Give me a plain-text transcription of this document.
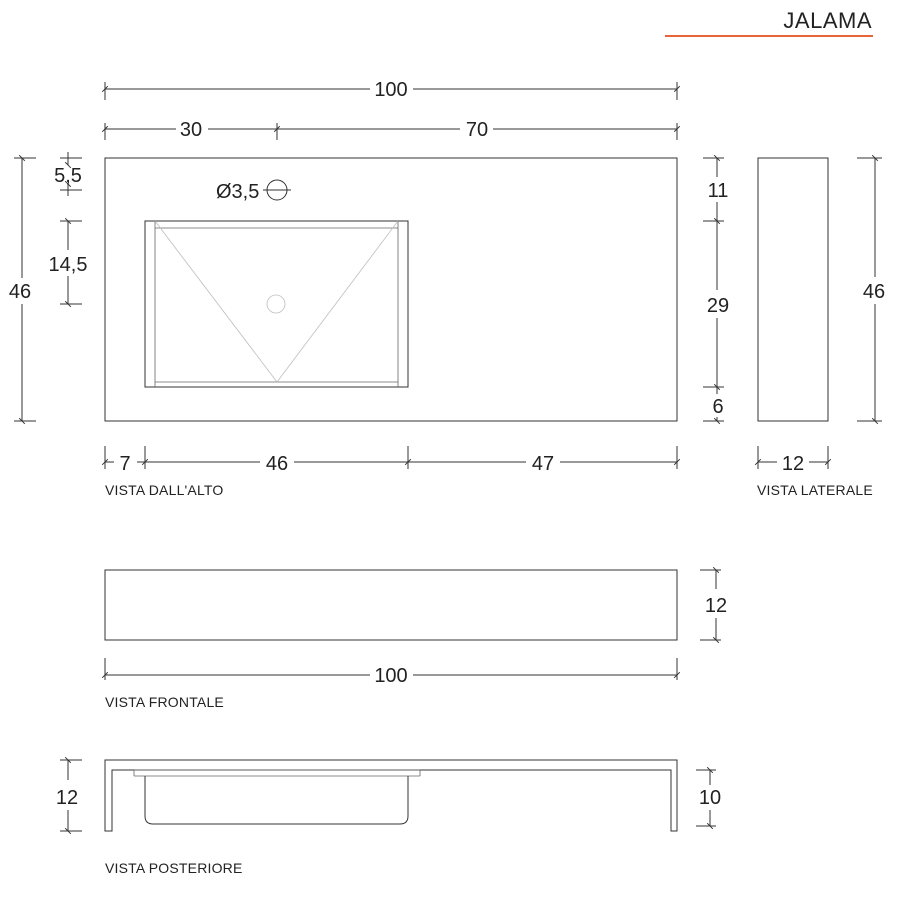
JALAMA
Ø3,5
100
30	70
46
5,5
14,5
11
29
6
7	46	47
VISTA DALL'ALTO
46
12
VISTA LATERALE
12
100
VISTA FRONTALE
12	10
VISTA POSTERIORE
